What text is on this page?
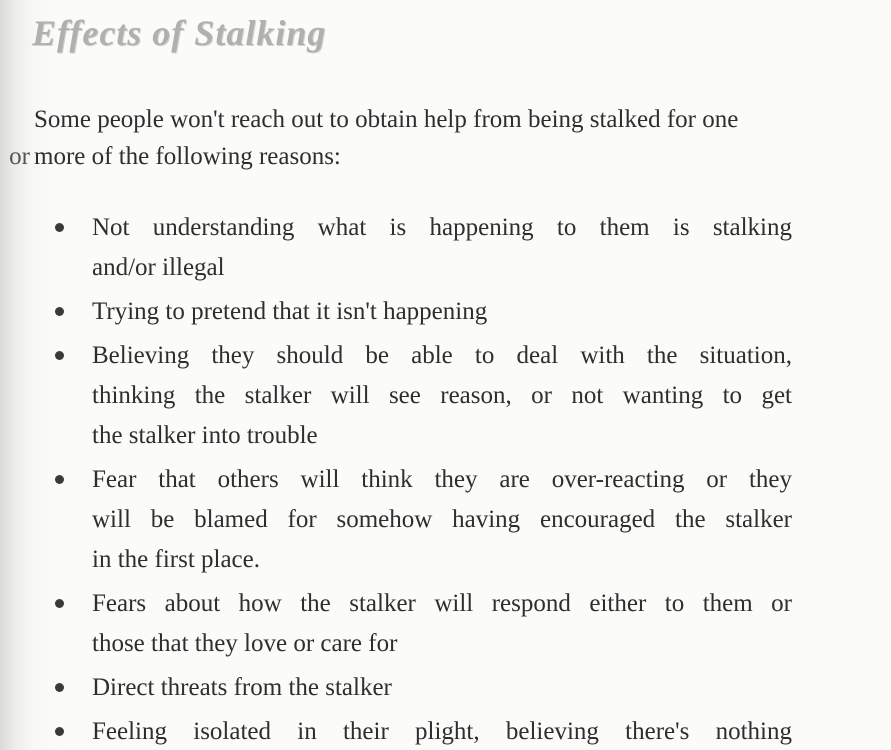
Effects of Stalking

Some people won't reach out to obtain help from being stalked for one
or more of the following reasons:

Not understanding what is happening to them is stalking
and/or illegal
Trying to pretend that it isn't happening
Believing they should be able to deal with the situation,
thinking the stalker will see reason, or not wanting to get
the stalker into trouble
Fear that others will think they are over-reacting or they
will be blamed for somehow having encouraged the stalker
in the first place.
Fears about how the stalker will respond either to them or
those that they love or care for
Direct threats from the stalker
Feeling isolated in their plight, believing there's nothing
